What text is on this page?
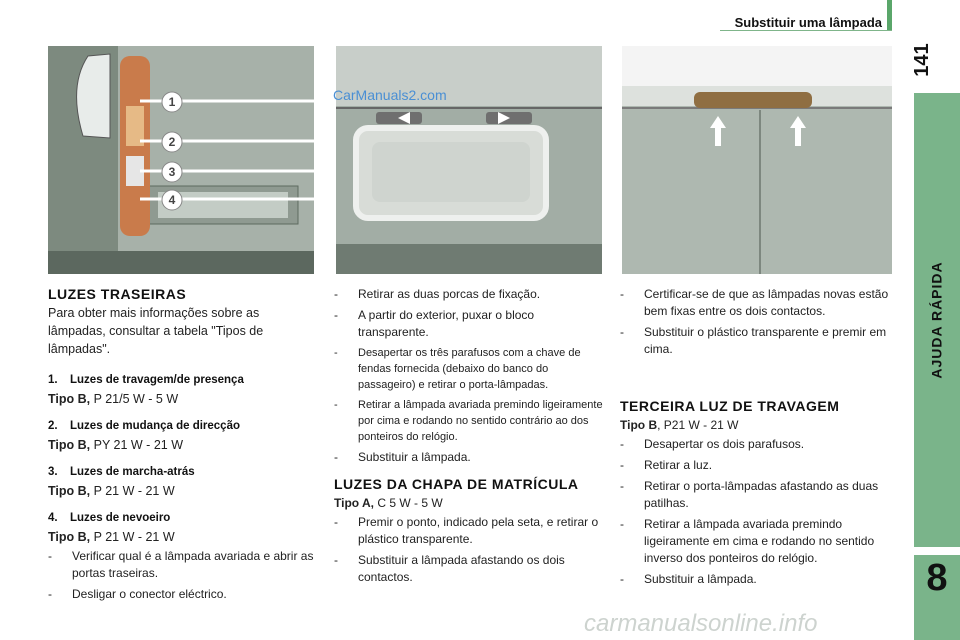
Substituir uma lâmpada
141
AJUDA RÁPIDA
8
1
2
3
4
CarManuals2.com
LUZES TRASEIRAS
Para obter mais informações sobre as lâmpadas, consultar a tabela "Tipos de lâmpadas".
1. Luzes de travagem/de presença
Tipo B, P 21/5 W - 5 W
2. Luzes de mudança de direcção
Tipo B, PY 21 W - 21 W
3. Luzes de marcha-atrás
Tipo B, P 21 W - 21 W
4. Luzes de nevoeiro
Tipo B, P 21 W - 21 W
- Verificar qual é a lâmpada avariada e abrir as portas traseiras.
- Desligar o conector eléctrico.
- Retirar as duas porcas de fixação.
- A partir do exterior, puxar o bloco transparente.
- Desapertar os três parafusos com a chave de fendas fornecida (debaixo do banco do passageiro) e retirar o porta-lâmpadas.
- Retirar a lâmpada avariada premindo ligeiramente por cima e rodando no sentido contrário ao dos ponteiros do relógio.
- Substituir a lâmpada.
LUZES DA CHAPA DE MATRÍCULA
Tipo A, C 5 W - 5 W
- Premir o ponto, indicado pela seta, e retirar o plástico transparente.
- Substituir a lâmpada afastando os dois contactos.
- Certificar-se de que as lâmpadas novas estão bem fixas entre os dois contactos.
- Substituir o plástico transparente e premir em cima.
TERCEIRA LUZ DE TRAVAGEM
Tipo B, P21 W - 21 W
- Desapertar os dois parafusos.
- Retirar a luz.
- Retirar o porta-lâmpadas afastando as duas patilhas.
- Retirar a lâmpada avariada premindo ligeiramente em cima e rodando no sentido inverso dos ponteiros do relógio.
- Substituir a lâmpada.
carmanualsonline.info
